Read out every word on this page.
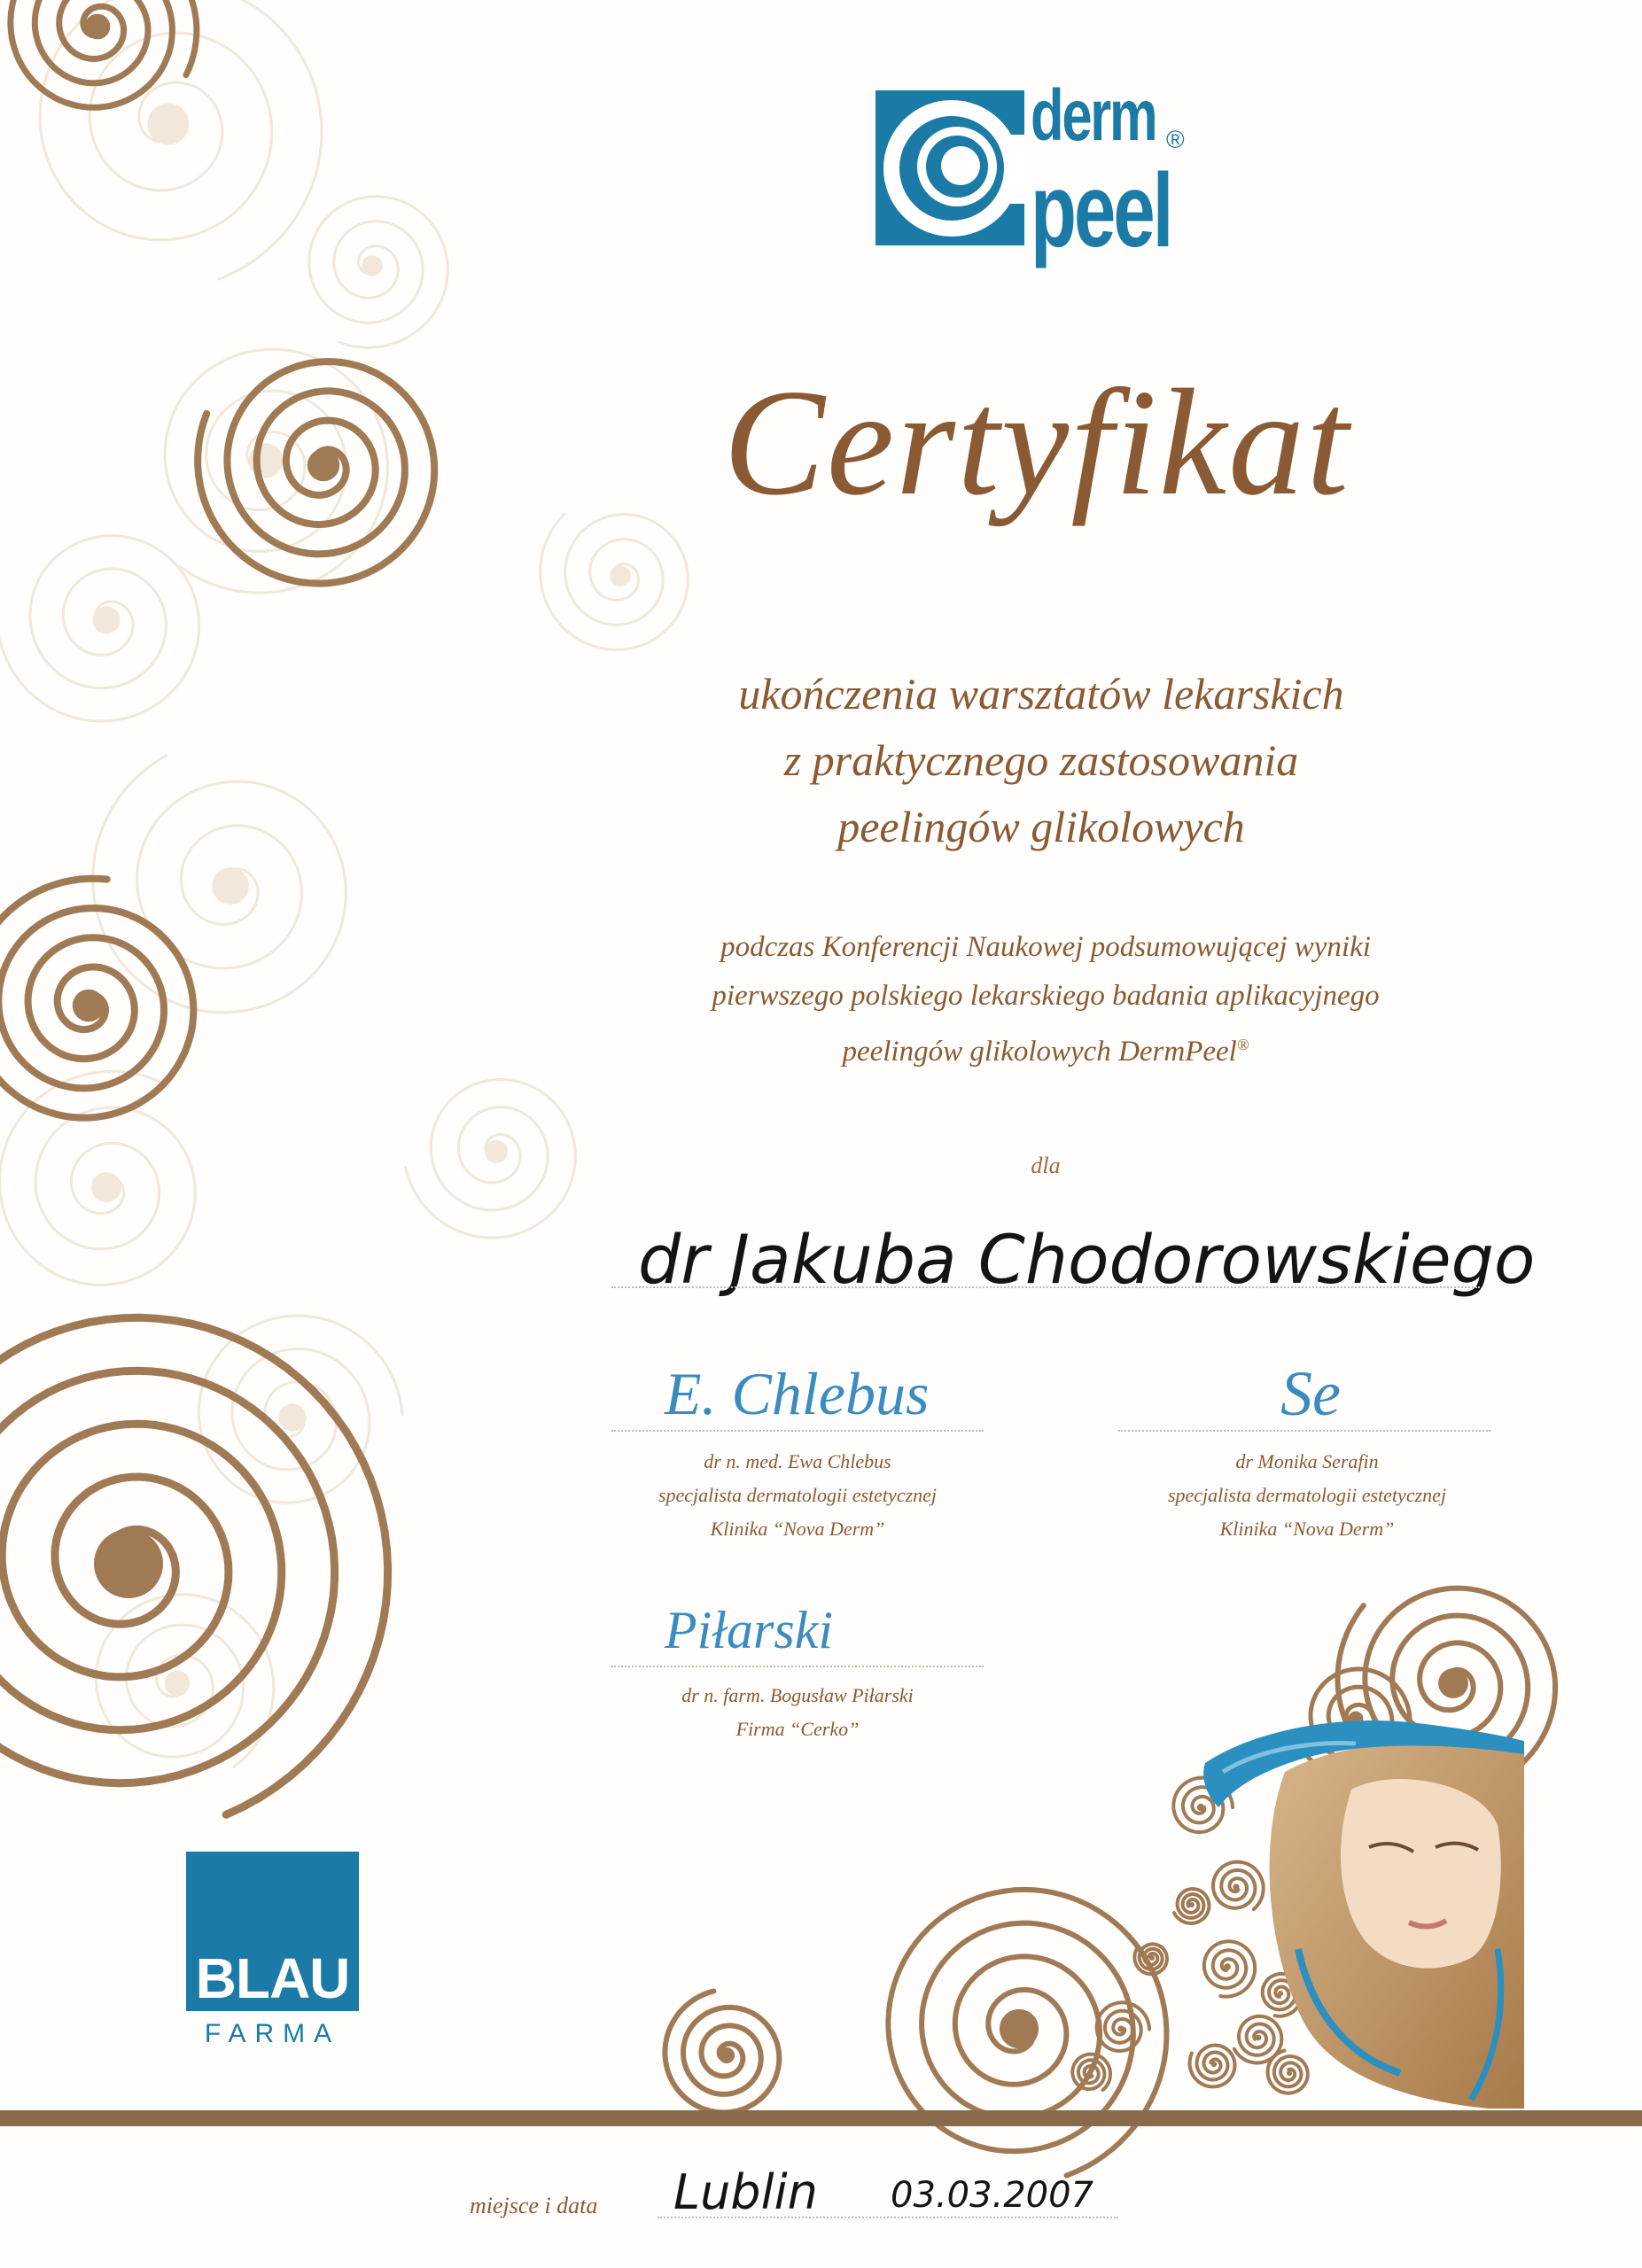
derm
peel
®
Certyfikat
ukończenia warsztatów lekarskich
z praktycznego zastosowania
peelingów glikolowych
podczas Konferencji Naukowej podsumowującej wyniki
pierwszego polskiego lekarskiego badania aplikacyjnego
peelingów glikolowych DermPeel®
dla
dr Jakuba Chodorowskiego
E. Chlebus
dr n. med. Ewa Chlebus
specjalista dermatologii estetycznej
Klinika “Nova Derm”
Se
dr Monika Serafin
specjalista dermatologii estetycznej
Klinika “Nova Derm”
Piłarski
dr n. farm. Bogusław Piłarski
Firma “Cerko”
BLAU
FARMA
miejsce i data	Lublin 03.03.2007
